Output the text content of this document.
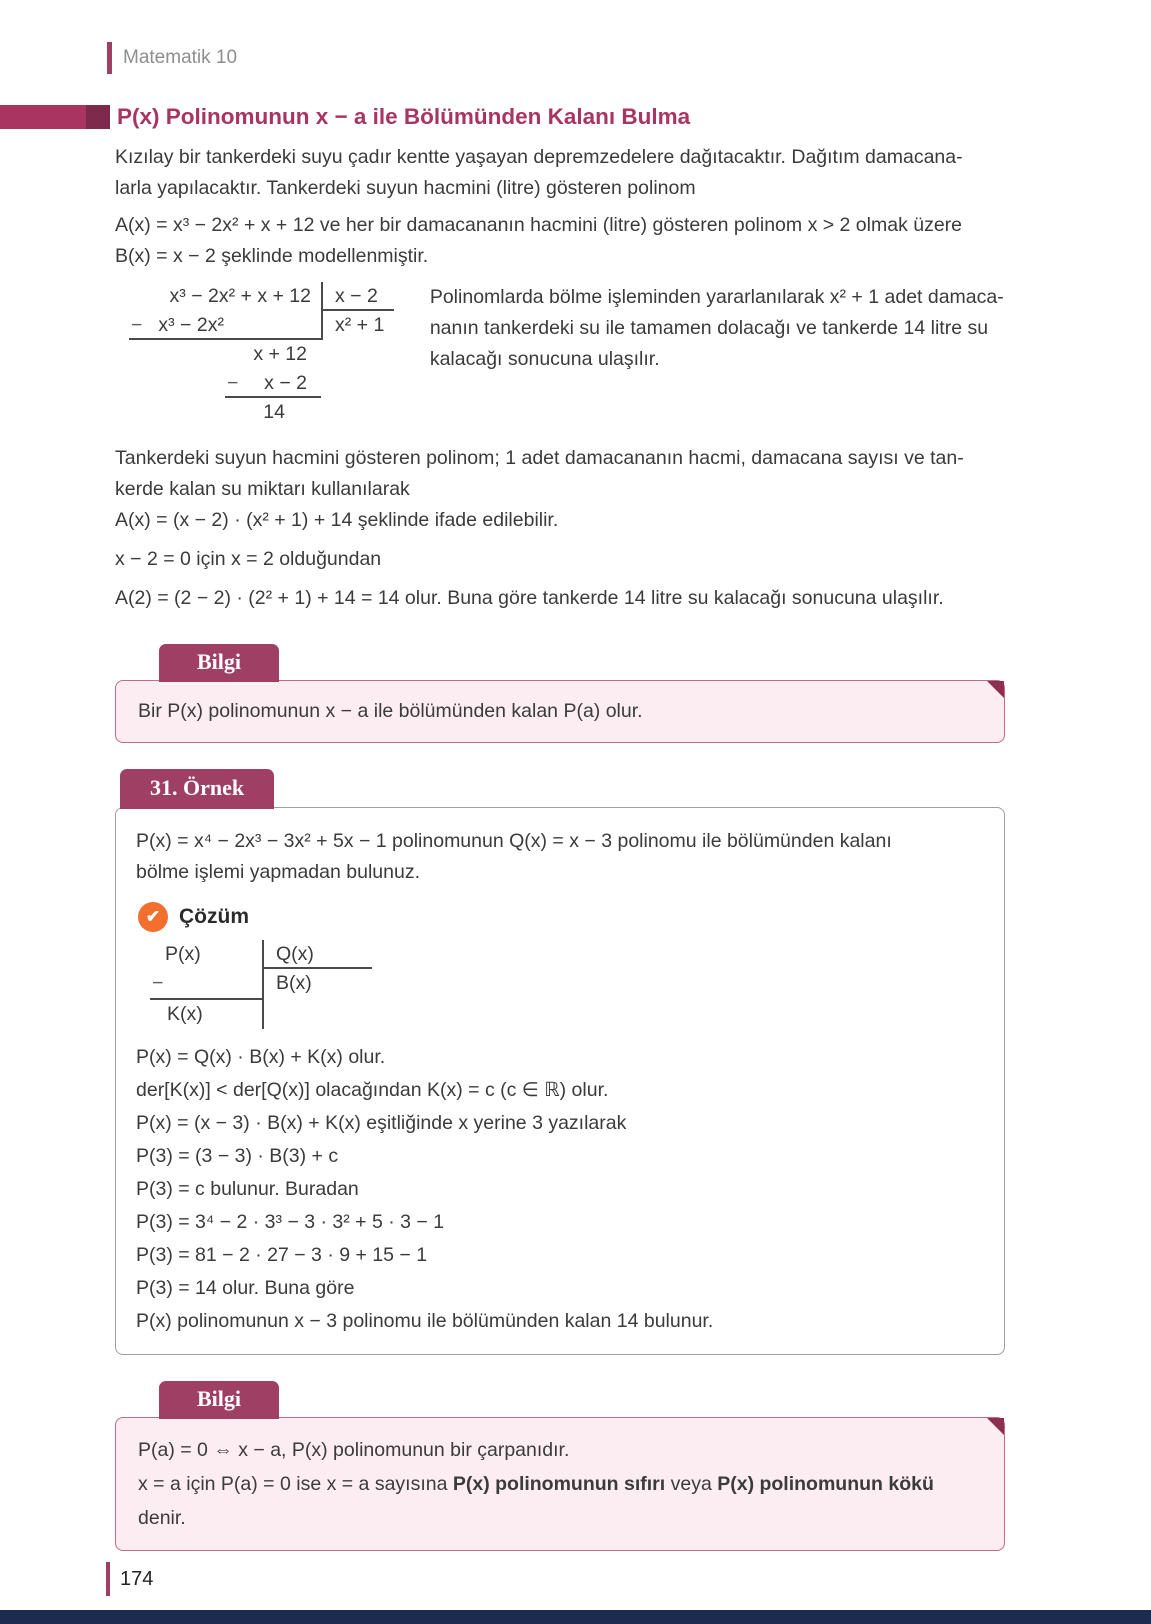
Matematik 10
P(x) Polinomunun x − a ile Bölümünden Kalanı Bulma
Kızılay bir tankerdeki suyu çadır kentte yaşayan depremzedelere dağıtacaktır. Dağıtım damacana-
larla yapılacaktır. Tankerdeki suyun hacmini (litre) gösteren polinom
A(x) = x³ − 2x² + x + 12 ve her bir damacananın hacmini (litre) gösteren polinom x > 2 olmak üzere
B(x) = x − 2 şeklinde modellenmiştir.
x³ − 2x² + x + 12
− x³ − 2x²
x + 12
− x − 2
14
x − 2
x² + 1
Polinomlarda bölme işleminden yararlanılarak x² + 1 adet damaca-
nanın tankerdeki su ile tamamen dolacağı ve tankerde 14 litre su
kalacağı sonucuna ulaşılır.
Tankerdeki suyun hacmini gösteren polinom; 1 adet damacananın hacmi, damacana sayısı ve tan-
kerde kalan su miktarı kullanılarak
A(x) = (x − 2) · (x² + 1) + 14 şeklinde ifade edilebilir.
x − 2 = 0 için x = 2 olduğundan
A(2) = (2 − 2) · (2² + 1) + 14 = 14 olur. Buna göre tankerde 14 litre su kalacağı sonucuna ulaşılır.
Bilgi
Bir P(x) polinomunun x − a ile bölümünden kalan P(a) olur.
31. Örnek
P(x) = x⁴ − 2x³ − 3x² + 5x − 1 polinomunun Q(x) = x − 3 polinomu ile bölümünden kalanı
bölme işlemi yapmadan bulunuz.
✔ Çözüm
P(x)
−
K(x)
Q(x)
B(x)
P(x) = Q(x) · B(x) + K(x) olur.
der[K(x)] < der[Q(x)] olacağından K(x) = c (c ∈ ℝ) olur.
P(x) = (x − 3) · B(x) + K(x) eşitliğinde x yerine 3 yazılarak
P(3) = (3 − 3) · B(3) + c
P(3) = c bulunur. Buradan
P(3) = 3⁴ − 2 · 3³ − 3 · 3² + 5 · 3 − 1
P(3) = 81 − 2 · 27 − 3 · 9 + 15 − 1
P(3) = 14 olur. Buna göre
P(x) polinomunun x − 3 polinomu ile bölümünden kalan 14 bulunur.
Bilgi
P(a) = 0 ⇔ x − a, P(x) polinomunun bir çarpanıdır.
x = a için P(a) = 0 ise x = a sayısına P(x) polinomunun sıfırı veya P(x) polinomunun kökü denir.
174
